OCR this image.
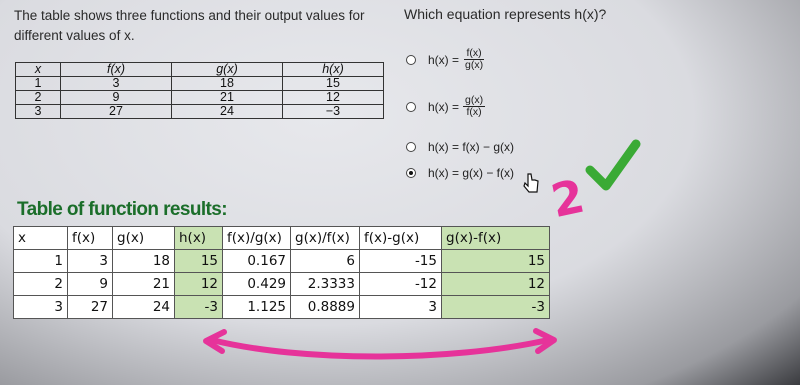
The table shows three functions and their output values for different values of x.
Which equation represents h(x)?
x	f(x)	g(x)	h(x)
1	3	18	15
2	9	21	12
3	27	24	−3
$h(x) = \frac{f(x)}{g(x)}$
$h(x) = \frac{g(x)}{f(x)}$
h(x) = f(x) − g(x)
h(x) = g(x) − f(x)
Table of function results:
x	f(x)	g(x)	h(x)	f(x)/g(x)	g(x)/f(x)	f(x)-g(x)	g(x)-f(x)
1	3	18	15	0.167	6	-15	15
2	9	21	12	0.429	2.3333	-12	12
3	27	24	-3	1.125	0.8889	3	-3
2
